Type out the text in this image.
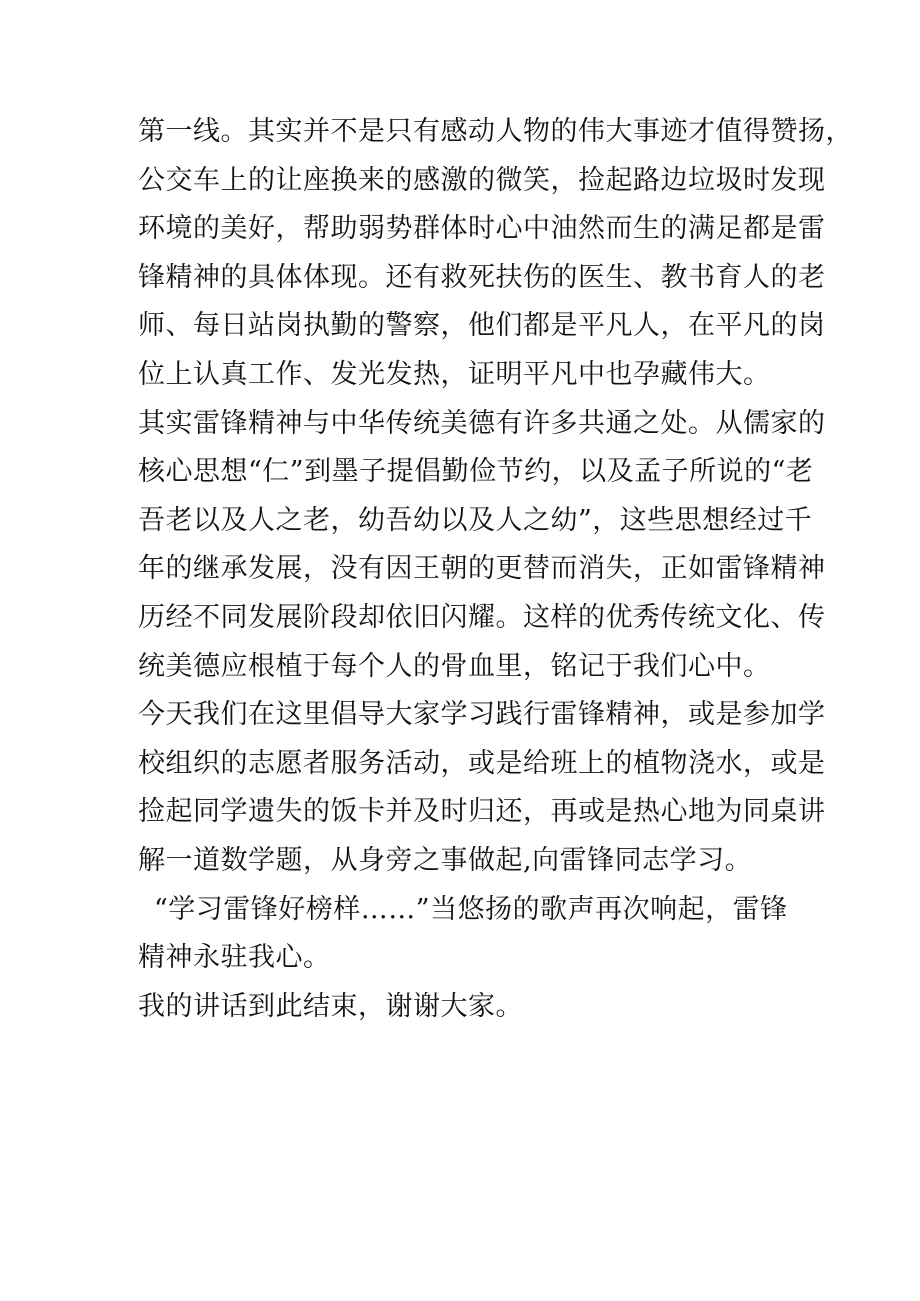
第一线。其实并不是只有感动人物的伟大事迹才值得赞扬，
公交车上的让座换来的感激的微笑，捡起路边垃圾时发现
环境的美好，帮助弱势群体时心中油然而生的满足都是雷
锋精神的具体体现。还有救死扶伤的医生、教书育人的老
师、每日站岗执勤的警察，他们都是平凡人，在平凡的岗
位上认真工作、发光发热，证明平凡中也孕藏伟大。
其实雷锋精神与中华传统美德有许多共通之处。从儒家的
核心思想“仁”到墨子提倡勤俭节约，以及孟子所说的“老
吾老以及人之老，幼吾幼以及人之幼”，这些思想经过千
年的继承发展，没有因王朝的更替而消失，正如雷锋精神
历经不同发展阶段却依旧闪耀。这样的优秀传统文化、传
统美德应根植于每个人的骨血里，铭记于我们心中。
今天我们在这里倡导大家学习践行雷锋精神，或是参加学
校组织的志愿者服务活动，或是给班上的植物浇水，或是
捡起同学遗失的饭卡并及时归还，再或是热心地为同桌讲
解一道数学题，从身旁之事做起,向雷锋同志学习。
“学习雷锋好榜样……”当悠扬的歌声再次响起，雷锋
精神永驻我心。
我的讲话到此结束，谢谢大家。
